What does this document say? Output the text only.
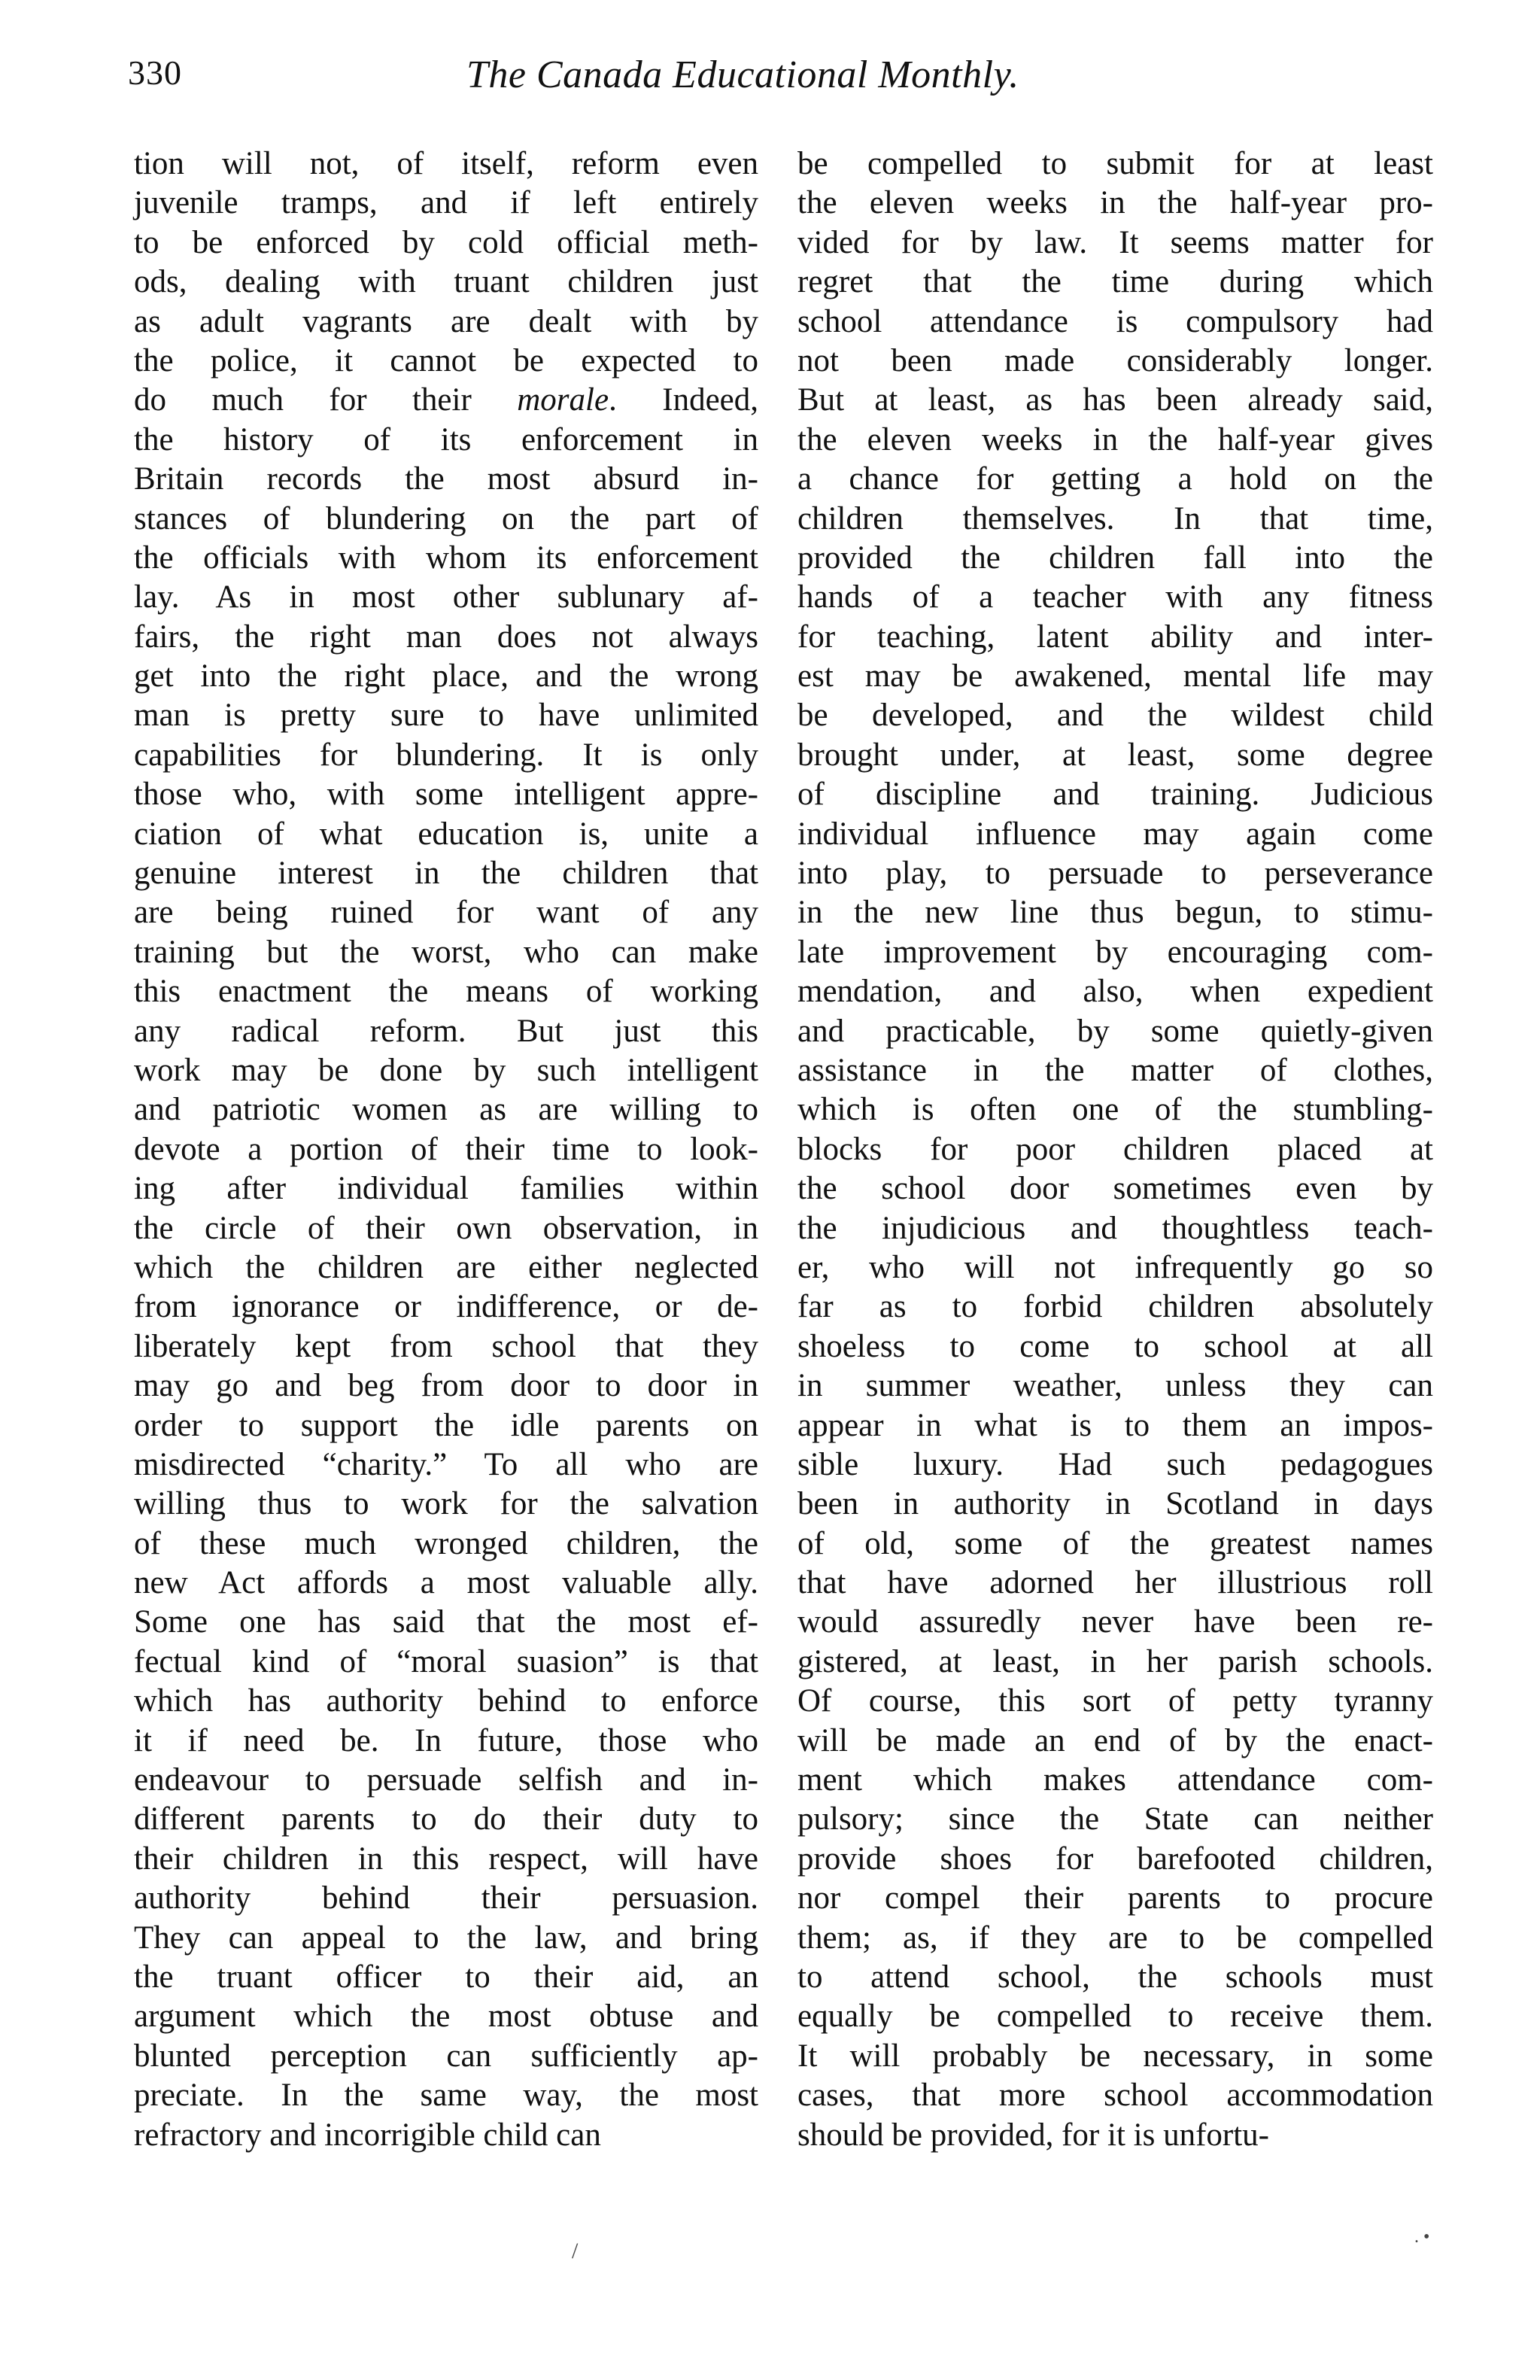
330	The Canada Educational Monthly.
tion will not, of itself, reform even
juvenile tramps, and if left entirely
to be enforced by cold official meth-
ods, dealing with truant children just
as adult vagrants are dealt with by
the police, it cannot be expected to
do much for their morale. Indeed,
the history of its enforcement in
Britain records the most absurd in-
stances of blundering on the part of
the officials with whom its enforcement
lay. As in most other sublunary af-
fairs, the right man does not always
get into the right place, and the wrong
man is pretty sure to have unlimited
capabilities for blundering. It is only
those who, with some intelligent appre-
ciation of what education is, unite a
genuine interest in the children that
are being ruined for want of any
training but the worst, who can make
this enactment the means of working
any radical reform. But just this
work may be done by such intelligent
and patriotic women as are willing to
devote a portion of their time to look-
ing after individual families within
the circle of their own observation, in
which the children are either neglected
from ignorance or indifference, or de-
liberately kept from school that they
may go and beg from door to door in
order to support the idle parents on
misdirected “charity.” To all who are
willing thus to work for the salvation
of these much wronged children, the
new Act affords a most valuable ally.
Some one has said that the most ef-
fectual kind of “moral suasion” is that
which has authority behind to enforce
it if need be. In future, those who
endeavour to persuade selfish and in-
different parents to do their duty to
their children in this respect, will have
authority behind their persuasion.
They can appeal to the law, and bring
the truant officer to their aid, an
argument which the most obtuse and
blunted perception can sufficiently ap-
preciate. In the same way, the most
refractory and incorrigible child can
be compelled to submit for at least
the eleven weeks in the half-year pro-
vided for by law. It seems matter for
regret that the time during which
school attendance is compulsory had
not been made considerably longer.
But at least, as has been already said,
the eleven weeks in the half-year gives
a chance for getting a hold on the
children themselves. In that time,
provided the children fall into the
hands of a teacher with any fitness
for teaching, latent ability and inter-
est may be awakened, mental life may
be developed, and the wildest child
brought under, at least, some degree
of discipline and training. Judicious
individual influence may again come
into play, to persuade to perseverance
in the new line thus begun, to stimu-
late improvement by encouraging com-
mendation, and also, when expedient
and practicable, by some quietly-given
assistance in the matter of clothes,
which is often one of the stumbling-
blocks for poor children placed at
the school door sometimes even by
the injudicious and thoughtless teach-
er, who will not infrequently go so
far as to forbid children absolutely
shoeless to come to school at all
in summer weather, unless they can
appear in what is to them an impos-
sible luxury. Had such pedagogues
been in authority in Scotland in days
of old, some of the greatest names
that have adorned her illustrious roll
would assuredly never have been re-
gistered, at least, in her parish schools.
Of course, this sort of petty tyranny
will be made an end of by the enact-
ment which makes attendance com-
pulsory; since the State can neither
provide shoes for barefooted children,
nor compel their parents to procure
them; as, if they are to be compelled
to attend school, the schools must
equally be compelled to receive them.
It will probably be necessary, in some
cases, that more school accommodation
should be provided, for it is unfortu-
/
. •
